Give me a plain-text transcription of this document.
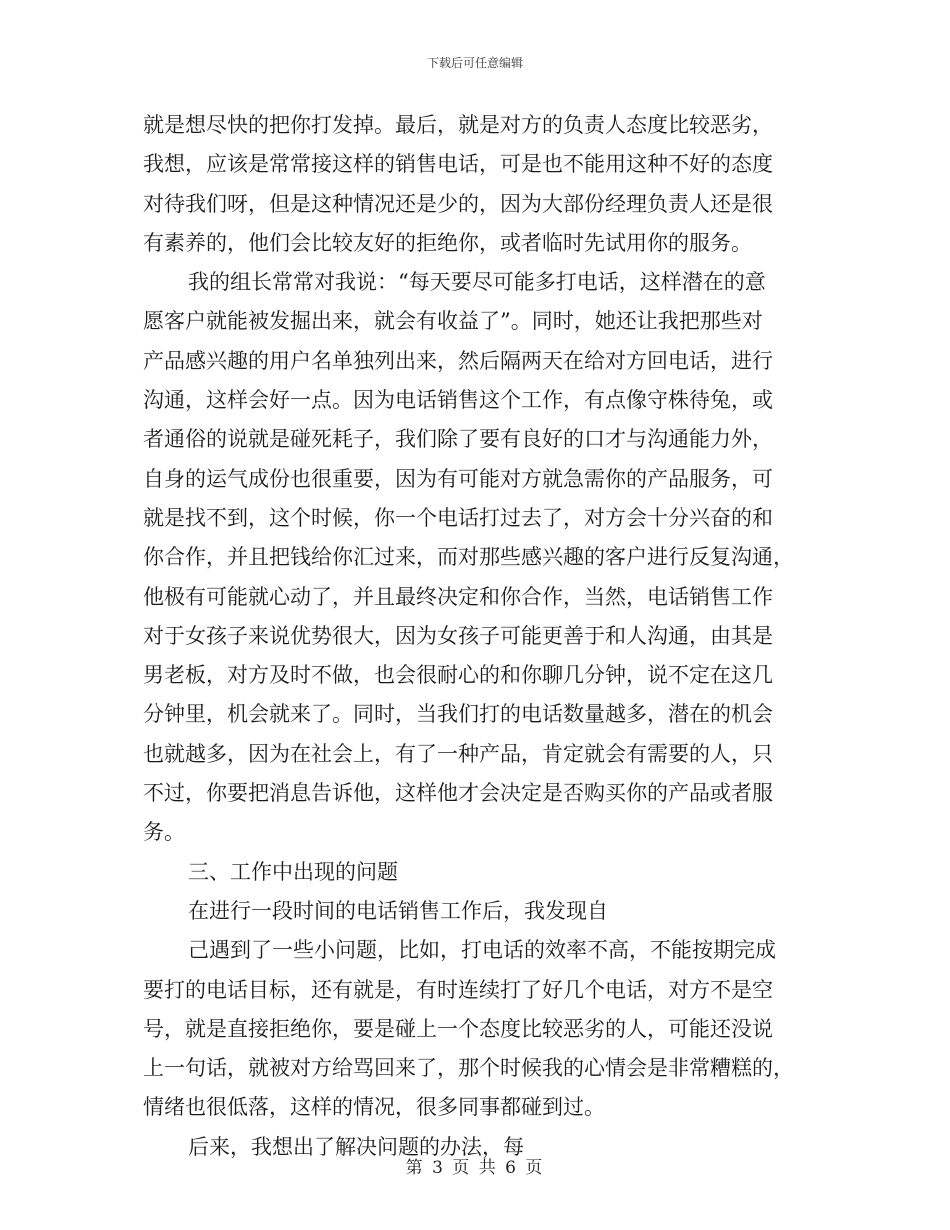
下载后可任意编辑
就是想尽快的把你打发掉。最后，就是对方的负责人态度比较恶劣，
我想，应该是常常接这样的销售电话，可是也不能用这种不好的态度
对待我们呀，但是这种情况还是少的，因为大部份经理负责人还是很
有素养的，他们会比较友好的拒绝你，或者临时先试用你的服务。
我的组长常常对我说：“每天要尽可能多打电话，这样潜在的意
愿客户就能被发掘出来，就会有收益了”。同时，她还让我把那些对
产品感兴趣的用户名单独列出来，然后隔两天在给对方回电话，进行
沟通，这样会好一点。因为电话销售这个工作，有点像守株待兔，或
者通俗的说就是碰死耗子，我们除了要有良好的口才与沟通能力外，
自身的运气成份也很重要，因为有可能对方就急需你的产品服务，可
就是找不到，这个时候，你一个电话打过去了，对方会十分兴奋的和
你合作，并且把钱给你汇过来，而对那些感兴趣的客户进行反复沟通，
他极有可能就心动了，并且最终决定和你合作，当然，电话销售工作
对于女孩子来说优势很大，因为女孩子可能更善于和人沟通，由其是
男老板，对方及时不做，也会很耐心的和你聊几分钟，说不定在这几
分钟里，机会就来了。同时，当我们打的电话数量越多，潜在的机会
也就越多，因为在社会上，有了一种产品，肯定就会有需要的人，只
不过，你要把消息告诉他，这样他才会决定是否购买你的产品或者服
务。
三、工作中出现的问题
在进行一段时间的电话销售工作后，我发现自
己遇到了一些小问题，比如，打电话的效率不高，不能按期完成
要打的电话目标，还有就是，有时连续打了好几个电话，对方不是空
号，就是直接拒绝你，要是碰上一个态度比较恶劣的人，可能还没说
上一句话，就被对方给骂回来了，那个时候我的心情会是非常糟糕的，
情绪也很低落，这样的情况，很多同事都碰到过。
后来，我想出了解决问题的办法，每
第 3 页 共 6 页
